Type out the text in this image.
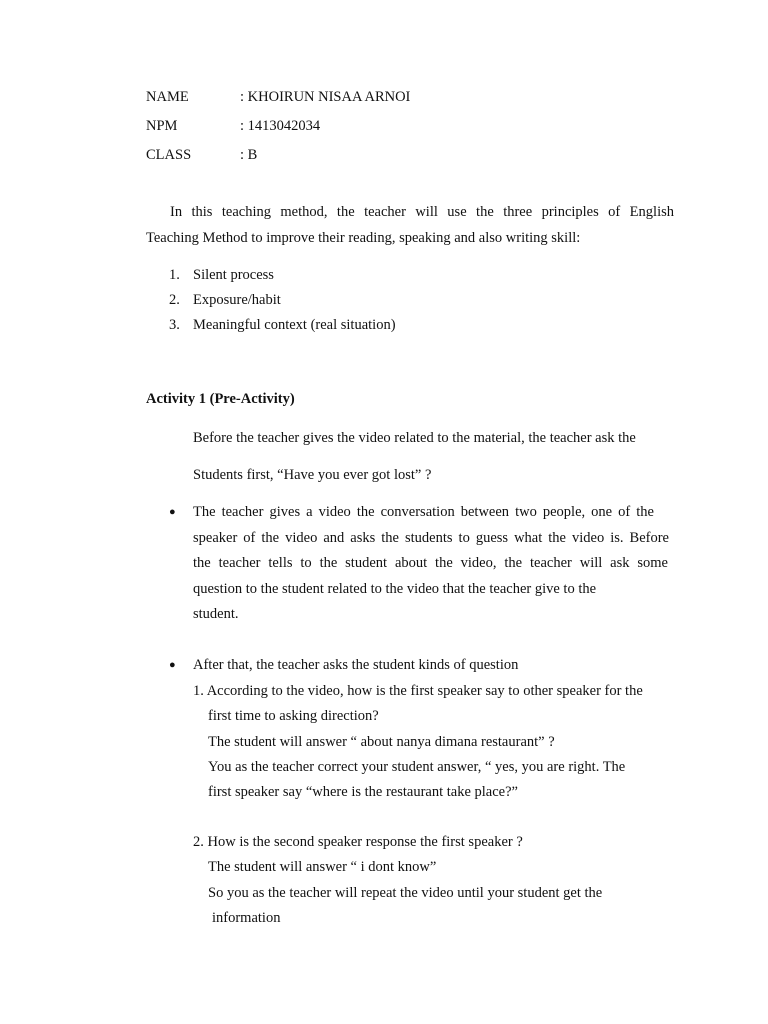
NAME	: KHOIRUN NISAA ARNOI
NPM	: 1413042034
CLASS	: B
In this teaching method, the teacher will use the three principles of English
Teaching Method to improve their reading, speaking and also writing skill:
1. Silent process
2. Exposure/habit
3. Meaningful context (real situation)
Activity 1 (Pre-Activity)
Before the teacher gives the video related to the material, the teacher ask the
Students first, “Have you ever got lost” ?
● The teacher gives a video the conversation between two people, one of the
speaker of the video and asks the students to guess what the video is. Before
the teacher tells to the student about the video, the teacher will ask some
question to the student related to the video that the teacher give to the
student.
● After that, the teacher asks the student kinds of question
1. According to the video, how is the first speaker say to other speaker for the
first time to asking direction?
The student will answer “ about nanya dimana restaurant” ?
You as the teacher correct your student answer, “ yes, you are right. The
first speaker say “where is the restaurant take place?”
2. How is the second speaker response the first speaker ?
The student will answer “ i dont know”
So you as the teacher will repeat the video until your student get the
information
